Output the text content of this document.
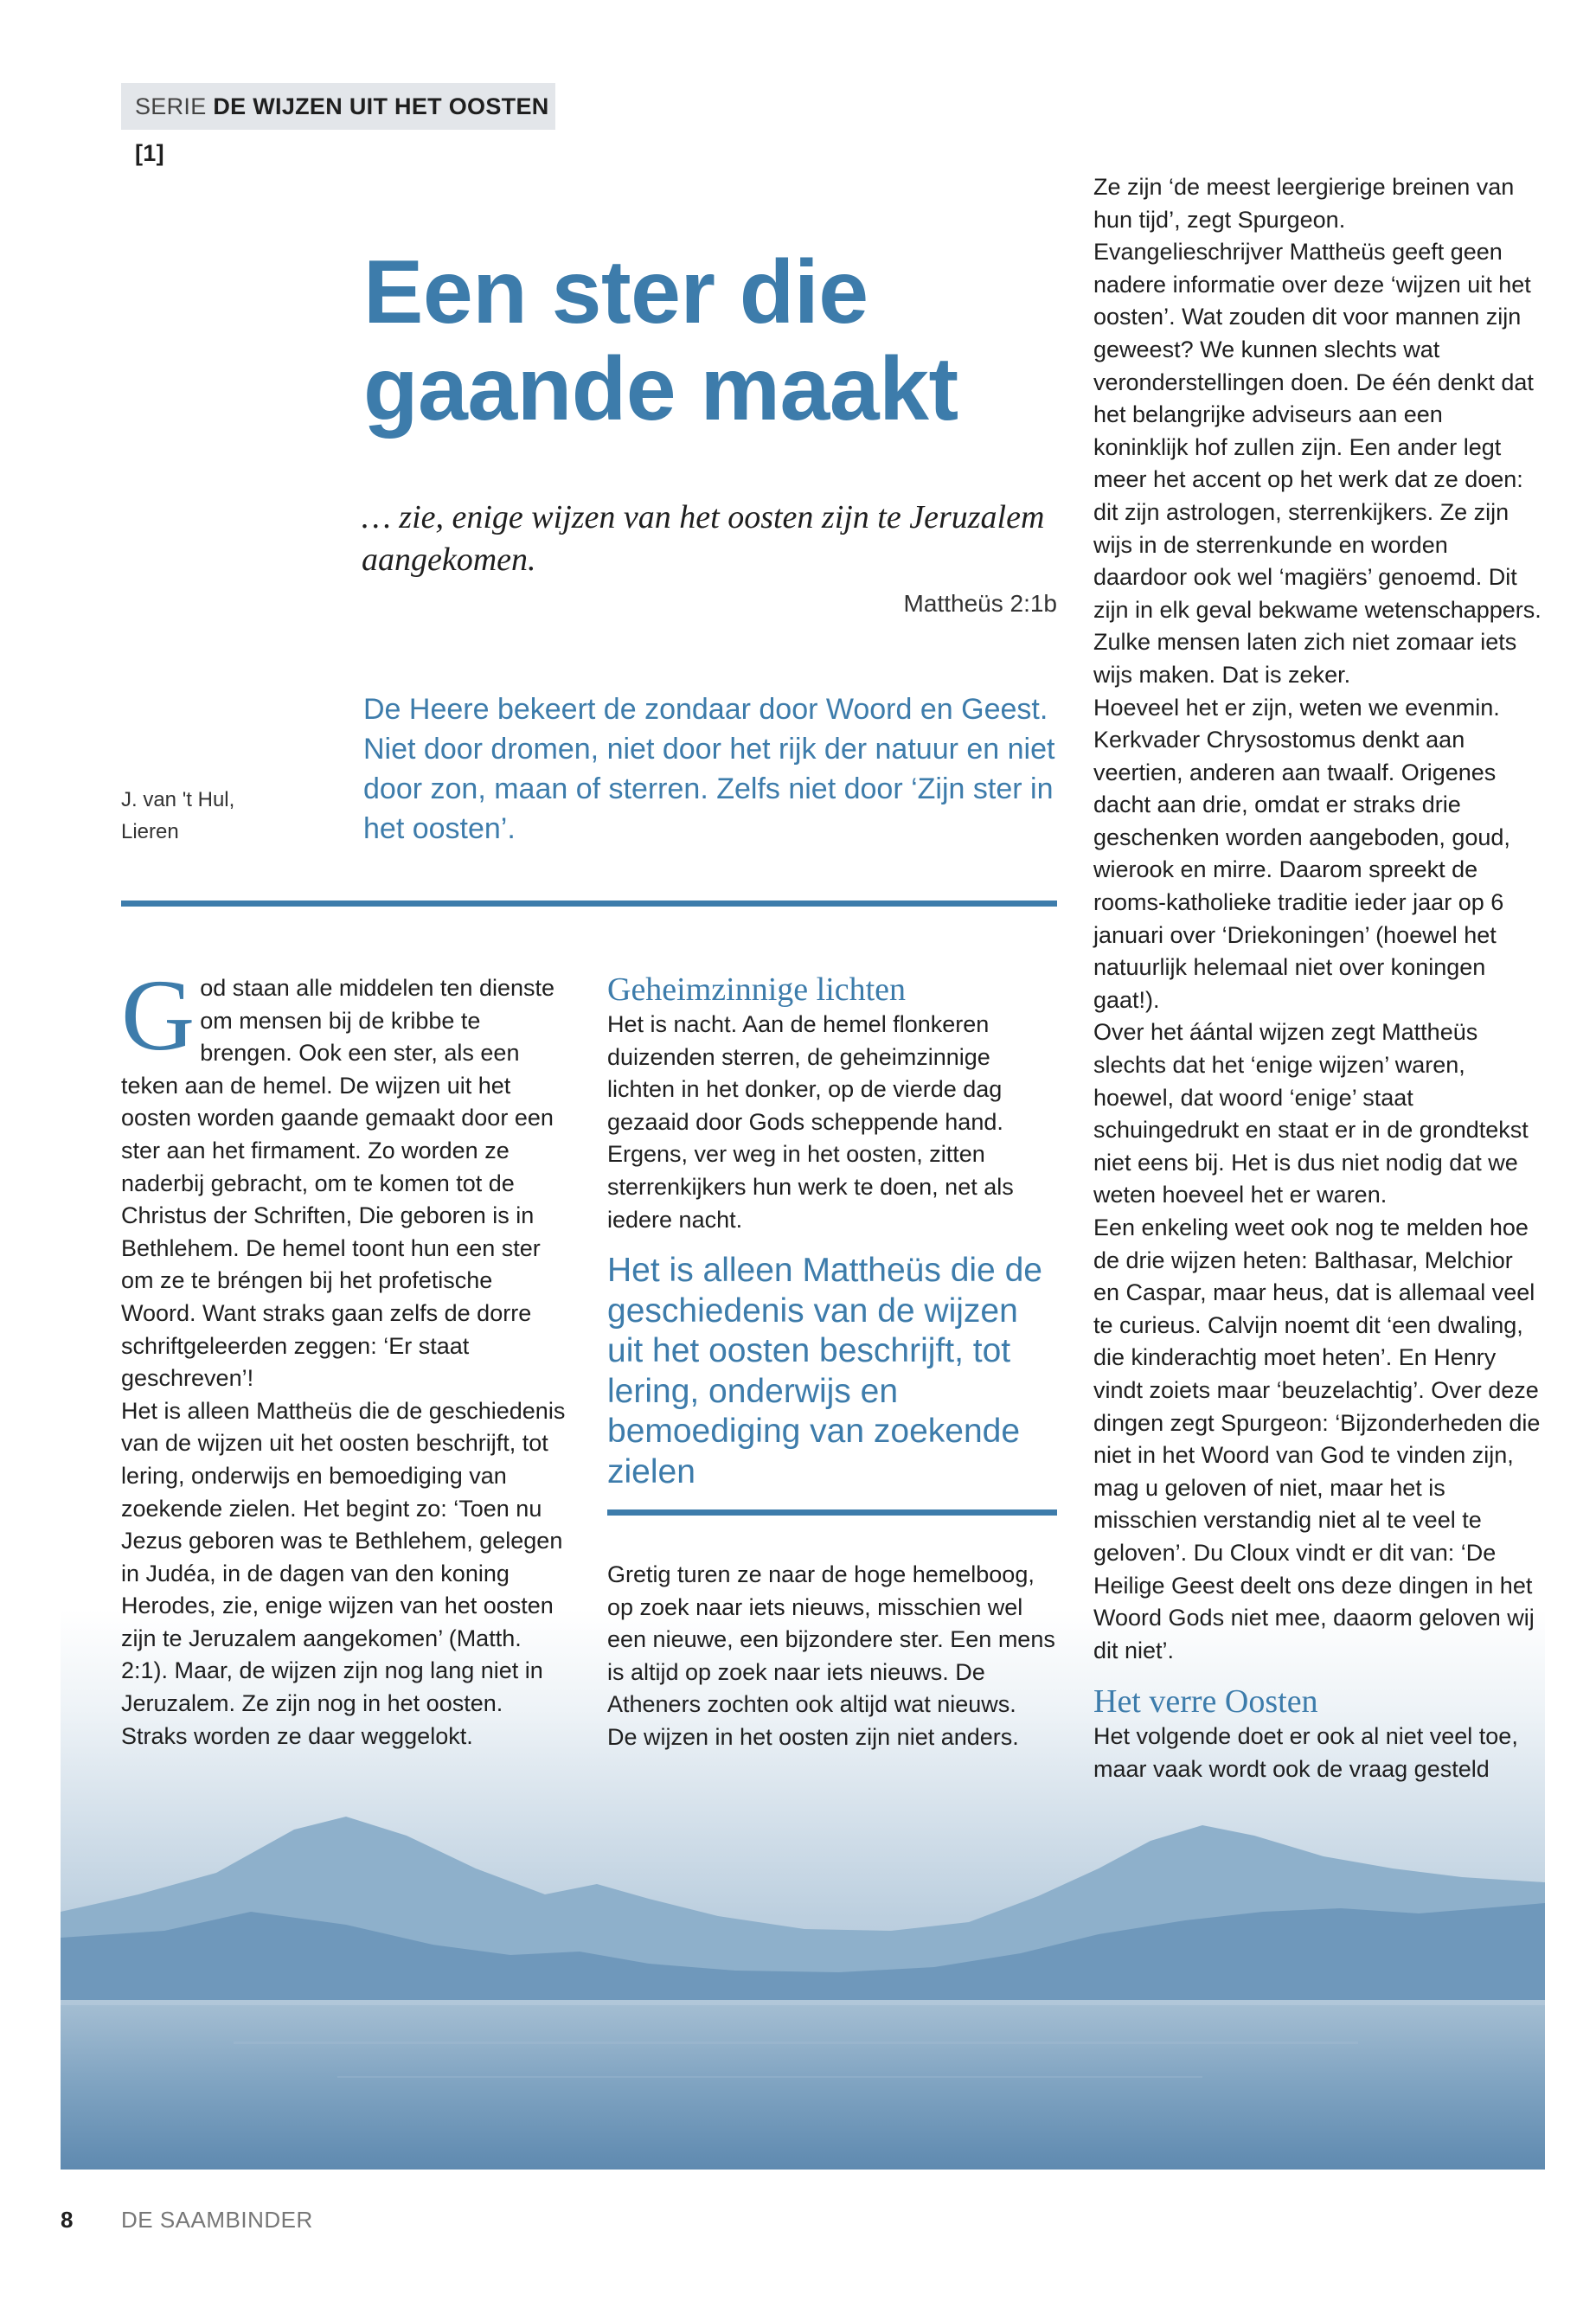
SERIE DE WIJZEN UIT HET OOSTEN [1]
Een ster die
gaande maakt
… zie, enige wijzen van het oosten zijn te Jeruzalem aangekomen.
Mattheüs 2:1b
J. van 't Hul,
Lieren
De Heere bekeert de zondaar door Woord en Geest. Niet door dromen, niet door het rijk der natuur en niet door zon, maan of sterren. Zelfs niet door ‘Zijn ster in het oosten’.
G od staan alle middelen ten dienste om mensen bij de kribbe te brengen. Ook een ster, als een teken aan de hemel. De wijzen uit het oosten worden gaande gemaakt door een ster aan het firmament. Zo worden ze naderbij gebracht, om te komen tot de Christus der Schriften, Die geboren is in Bethlehem. De hemel toont hun een ster om ze te bréngen bij het profetische Woord. Want straks gaan zelfs de dorre schriftgeleerden zeggen: ‘Er staat geschreven’!

Het is alleen Mattheüs die de geschiedenis van de wijzen uit het oosten beschrijft, tot lering, onderwijs en bemoediging van zoekende zielen. Het begint zo: ‘Toen nu Jezus geboren was te Bethlehem, gelegen in Judéa, in de dagen van den koning Herodes, zie, enige wijzen van het oosten zijn te Jeruzalem aangekomen’ (Matth. 2:1). Maar, de wijzen zijn nog lang niet in Jeruzalem. Ze zijn nog in het oosten. Straks worden ze daar weggelokt.

Geheimzinnige lichten

Het is nacht. Aan de hemel flonkeren duizenden sterren, de geheimzinnige lichten in het donker, op de vierde dag gezaaid door Gods scheppende hand. Ergens, ver weg in het oosten, zitten sterrenkijkers hun werk te doen, net als iedere nacht.

Het is alleen Mattheüs die de geschiedenis van de wijzen uit het oosten beschrijft, tot lering, onderwijs en bemoediging van zoekende zielen

Gretig turen ze naar de hoge hemelboog, op zoek naar iets nieuws, misschien wel een nieuwe, een bijzondere ster. Een mens is altijd op zoek naar iets nieuws. De Atheners zochten ook altijd wat nieuws.

De wijzen in het oosten zijn niet anders.

Ze zijn ‘de meest leergierige breinen van hun tijd’, zegt Spurgeon.

Evangelieschrijver Mattheüs geeft geen nadere informatie over deze ‘wijzen uit het oosten’. Wat zouden dit voor mannen zijn geweest? We kunnen slechts wat veronderstellingen doen. De één denkt dat het belangrijke adviseurs aan een koninklijk hof zullen zijn. Een ander legt meer het accent op het werk dat ze doen: dit zijn astrologen, sterrenkijkers. Ze zijn wijs in de sterrenkunde en worden daardoor ook wel ‘magiërs’ genoemd. Dit zijn in elk geval bekwame wetenschappers. Zulke mensen laten zich niet zomaar iets wijs maken. Dat is zeker.

Hoeveel het er zijn, weten we evenmin. Kerkvader Chrysostomus denkt aan veertien, anderen aan twaalf. Origenes dacht aan drie, omdat er straks drie geschenken worden aangeboden, goud, wierook en mirre. Daarom spreekt de rooms-katholieke traditie ieder jaar op 6 januari over ‘Driekoningen’ (hoewel het natuurlijk helemaal niet over koningen gaat!).

Over het áántal wijzen zegt Mattheüs slechts dat het ‘enige wijzen’ waren, hoewel, dat woord ‘enige’ staat schuingedrukt en staat er in de grondtekst niet eens bij. Het is dus niet nodig dat we weten hoeveel het er waren.

Een enkeling weet ook nog te melden hoe de drie wijzen heten: Balthasar, Melchior en Caspar, maar heus, dat is allemaal veel te curieus. Calvijn noemt dit ‘een dwaling, die kinderachtig moet heten’. En Henry vindt zoiets maar ‘beuzelachtig’. Over deze dingen zegt Spurgeon: ‘Bijzonderheden die niet in het Woord van God te vinden zijn, mag u geloven of niet, maar het is misschien verstandig niet al te veel te geloven’. Du Cloux vindt er dit van: ‘De Heilige Geest deelt ons deze dingen in het Woord Gods niet mee, daaorm geloven wij dit niet’.

Het verre Oosten

Het volgende doet er ook al niet veel toe, maar vaak wordt ook de vraag gesteld

8 DE SAAMBINDER
